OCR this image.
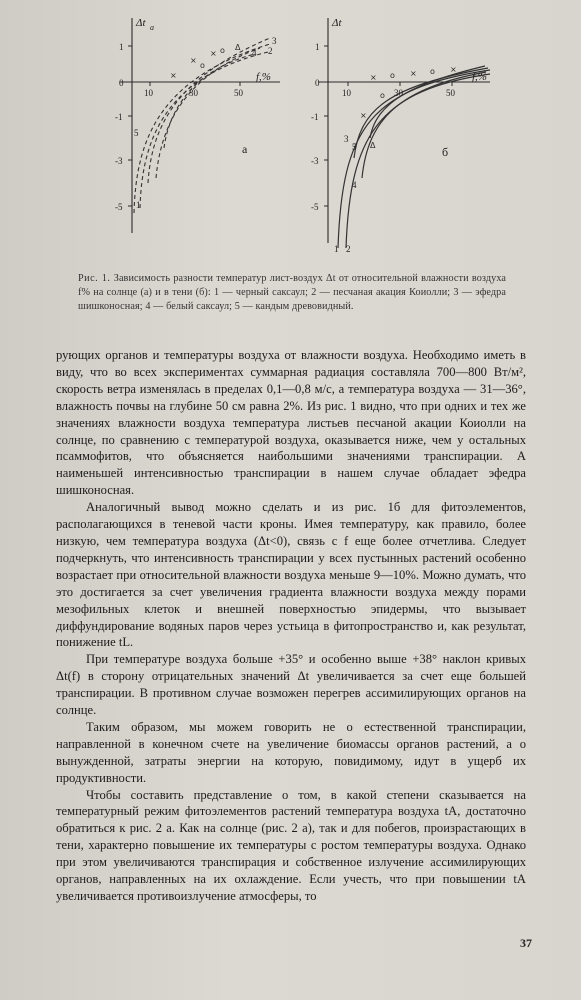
×
×
×
o Δ
o
× o ×
o
×
Δ
o ×
Δt a
f,%
1
0
-1
-3
-5
10	30	50
1
2
3
4
5
а
Δt
f,%
1
0
-1
-3
-5
10	30	50
1 2
3
4
5	б
Рис. 1. Зависимость разности температур лист-воздух Δt от относительной влажности воздуха f% на солнце (а) и в тени (б): 1 — черный саксаул; 2 — песчаная акация Коиолли; 3 — эфедра шишконосная; 4 — белый саксаул; 5 — кандым древовидный.

рующих органов и температуры воздуха от влажности воздуха. Необходимо иметь в виду, что во всех экспериментах суммарная радиация составляла 700—800 Вт/м², скорость ветра изменялась в пределах 0,1—0,8 м/с, а температура воздуха — 31—36°, влажность почвы на глубине 50 см равна 2%. Из рис. 1 видно, что при одних и тех же значениях влажности воздуха температура листьев песчаной акации Коиолли на солнце, по сравнению с температурой воздуха, оказывается ниже, чем у остальных псаммофитов, что объясняется наибольшими значениями транспирации. А наименьшей интенсивностью транспирации в нашем случае обладает эфедра шишконосная.

Аналогичный вывод можно сделать и из рис. 1б для фитоэлементов, располагающихся в теневой части кроны. Имея температуру, как правило, более низкую, чем температура воздуха (Δt<0), связь с f еще более отчетлива. Следует подчеркнуть, что интенсивность транспирации у всех пустынных растений особенно возрастает при относительной влажности воздуха меньше 9—10%. Можно думать, что это достигается за счет увеличения градиента влажности воздуха между порами мезофильных клеток и внешней поверхностью эпидермы, что вызывает диффундирование водяных паров через устьица в фитопространство и, как результат, понижение tL.

При температуре воздуха больше +35° и особенно выше +38° наклон кривых Δt(f) в сторону отрицательных значений Δt увеличивается за счет еще большей транспирации. В противном случае возможен перегрев ассимилирующих органов на солнце.

Таким образом, мы можем говорить не о естественной транспирации, направленной в конечном счете на увеличение биомассы органов растений, а о вынужденной, затраты энергии на которую, повидимому, идут в ущерб их продуктивности.

Чтобы составить представление о том, в какой степени сказывается на температурный режим фитоэлементов растений температура воздуха tA, достаточно обратиться к рис. 2 а. Как на солнце (рис. 2 а), так и для побегов, произрастающих в тени, характерно повышение их температуры с ростом температуры воздуха. Однако при этом увеличиваются транспирация и собственное излучение ассимилирующих органов, направленных на их охлаждение. Если учесть, что при повышении tA увеличивается противоизлучение атмосферы, то

37
